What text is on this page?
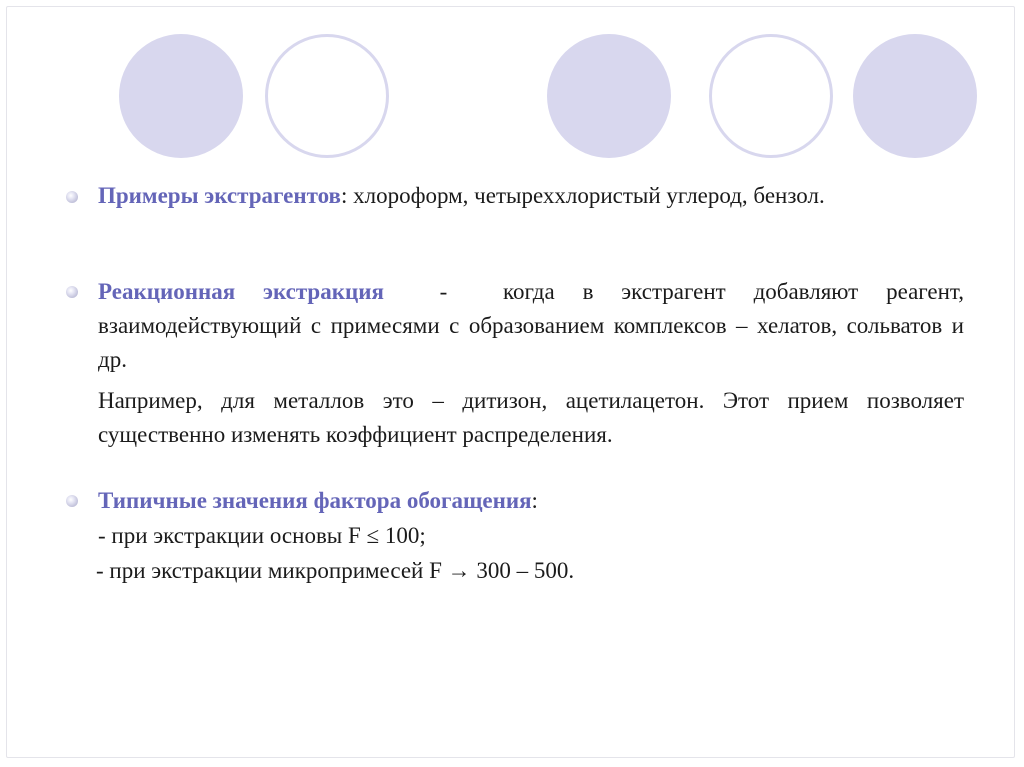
Примеры экстрагентов: хлороформ, четыреххлористый углерод, бензол.
Реакционная экстракция  -  когда в экстрагент добавляют реагент, взаимодействующий с примесями с образованием комплексов – хелатов, сольватов и др.
Например, для металлов это – дитизон, ацетилацетон. Этот прием позволяет существенно изменять коэффициент распределения.
Типичные значения фактора обогащения:
- при экстракции основы F ≤ 100;
- при экстракции микропримесей F → 300 – 500.
